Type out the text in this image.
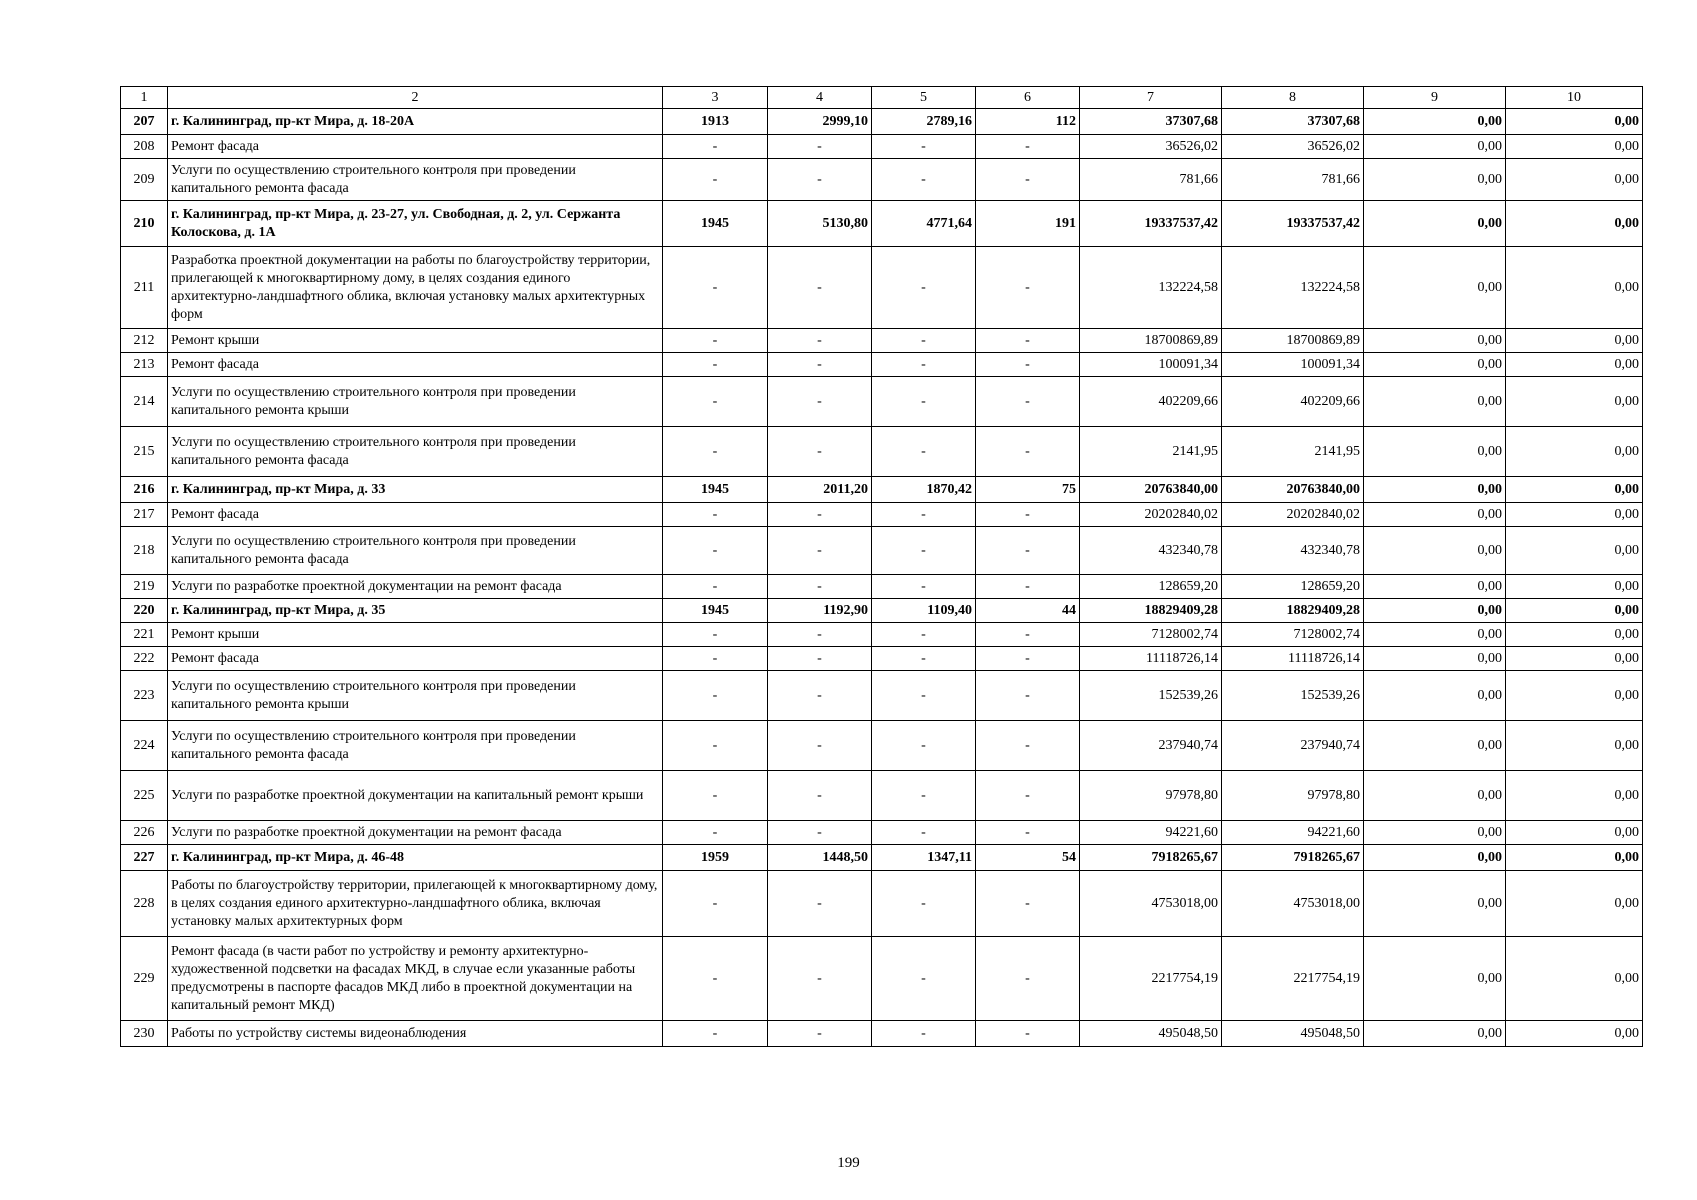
1	2	3	4	5	6	7	8	9	10
207	г. Калининград, пр-кт Мира, д. 18-20А	1913	2999,10	2789,16	112	37307,68	37307,68	0,00	0,00
208	Ремонт фасада	-	-	-	-	36526,02	36526,02	0,00	0,00
209	Услуги по осуществлению строительного контроля при проведении капитального ремонта фасада	-	-	-	-	781,66	781,66	0,00	0,00
210	г. Калининград, пр-кт Мира, д. 23-27, ул. Свободная, д. 2, ул. Сержанта Колоскова, д. 1А	1945	5130,80	4771,64	191	19337537,42	19337537,42	0,00	0,00
211	Разработка проектной документации на работы по благоустройству территории, прилегающей к многоквартирному дому, в целях создания единого архитектурно-ландшафтного облика, включая установку малых архитектурных форм	-	-	-	-	132224,58	132224,58	0,00	0,00
212	Ремонт крыши	-	-	-	-	18700869,89	18700869,89	0,00	0,00
213	Ремонт фасада	-	-	-	-	100091,34	100091,34	0,00	0,00
214	Услуги по осуществлению строительного контроля при проведении капитального ремонта крыши	-	-	-	-	402209,66	402209,66	0,00	0,00
215	Услуги по осуществлению строительного контроля при проведении капитального ремонта фасада	-	-	-	-	2141,95	2141,95	0,00	0,00
216	г. Калининград, пр-кт Мира, д. 33	1945	2011,20	1870,42	75	20763840,00	20763840,00	0,00	0,00
217	Ремонт фасада	-	-	-	-	20202840,02	20202840,02	0,00	0,00
218	Услуги по осуществлению строительного контроля при проведении капитального ремонта фасада	-	-	-	-	432340,78	432340,78	0,00	0,00
219	Услуги по разработке проектной документации на ремонт фасада	-	-	-	-	128659,20	128659,20	0,00	0,00
220	г. Калининград, пр-кт Мира, д. 35	1945	1192,90	1109,40	44	18829409,28	18829409,28	0,00	0,00
221	Ремонт крыши	-	-	-	-	7128002,74	7128002,74	0,00	0,00
222	Ремонт фасада	-	-	-	-	11118726,14	11118726,14	0,00	0,00
223	Услуги по осуществлению строительного контроля при проведении капитального ремонта крыши	-	-	-	-	152539,26	152539,26	0,00	0,00
224	Услуги по осуществлению строительного контроля при проведении капитального ремонта фасада	-	-	-	-	237940,74	237940,74	0,00	0,00
225	Услуги по разработке проектной документации на капитальный ремонт крыши	-	-	-	-	97978,80	97978,80	0,00	0,00
226	Услуги по разработке проектной документации на ремонт фасада	-	-	-	-	94221,60	94221,60	0,00	0,00
227	г. Калининград, пр-кт Мира, д. 46-48	1959	1448,50	1347,11	54	7918265,67	7918265,67	0,00	0,00
228	Работы по благоустройству территории, прилегающей к многоквартирному дому, в целях создания единого архитектурно-ландшафтного облика, включая установку малых архитектурных форм	-	-	-	-	4753018,00	4753018,00	0,00	0,00
229	Ремонт фасада (в части работ по устройству и ремонту архитектурно-художественной подсветки на фасадах МКД, в случае если указанные работы предусмотрены в паспорте фасадов МКД либо в проектной документации на капитальный ремонт МКД)	-	-	-	-	2217754,19	2217754,19	0,00	0,00
230	Работы по устройству системы видеонаблюдения	-	-	-	-	495048,50	495048,50	0,00	0,00
199
